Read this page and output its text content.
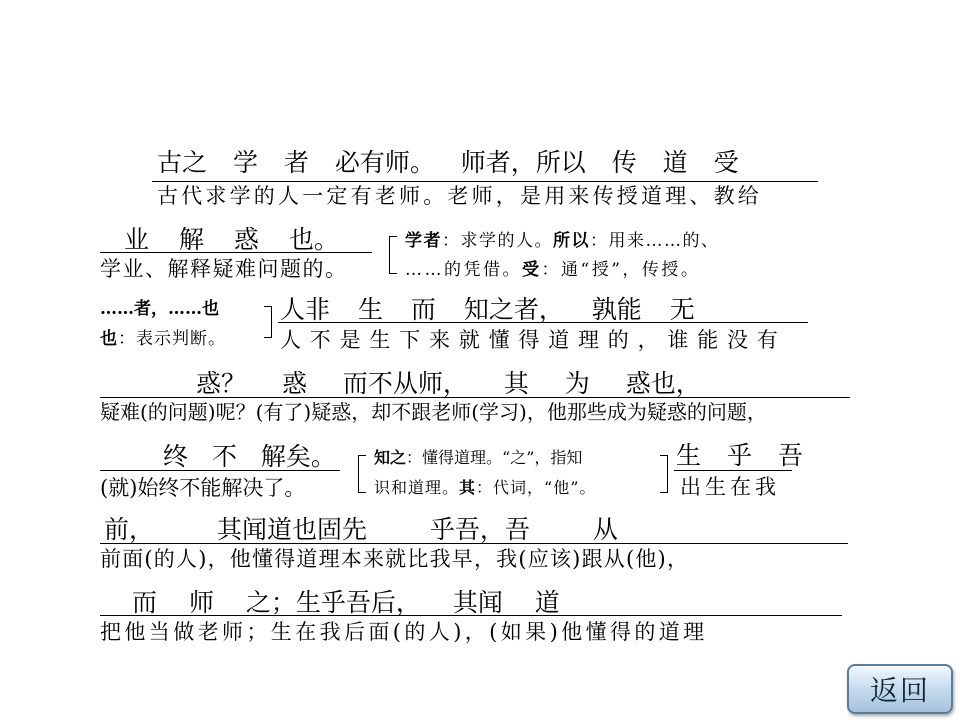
古之 学 者 必有师。 师者，所以 传 道 受
古代求学的人一定有老师。老师，是用来传授道理、教给
业 解 惑 也。
学业、解释疑难问题的。
学者：求学的人。所以：用来……的、
……的凭借。受：通“授”，传授。
……者，……也
也：表示判断。
人非 生 而 知之者， 孰能 无
人不是生下来就懂得道理的，谁能没有
惑？ 惑 而不从师， 其 为 惑也，
疑难(的问题)呢？(有了)疑惑，却不跟老师(学习)，他那些成为疑惑的问题，
终 不 解矣。
(就)始终不能解决了。
知之：懂得道理。“之”，指知
识和道理。其：代词，“他”。
生 乎 吾
出生在我
前， 其闻道也固先 乎吾，吾 从
前面(的人)，他懂得道理本来就比我早，我(应该)跟从(他)，
而 师 之；生乎吾后， 其闻 道
把他当做老师；生在我后面(的人)，(如果)他懂得的道理
返回
